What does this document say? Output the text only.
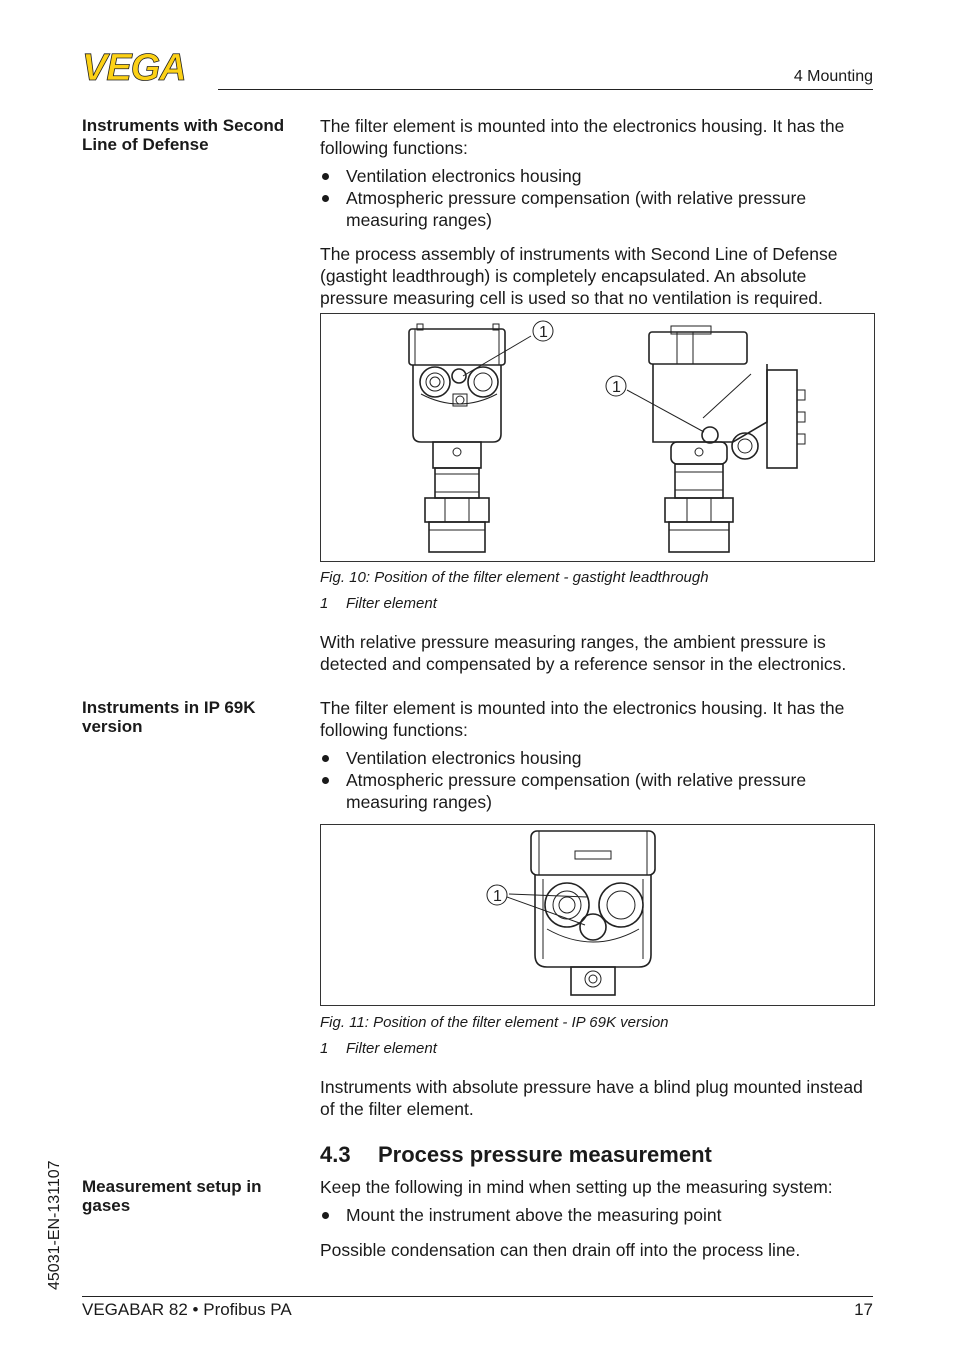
VEGA	4 Mounting
Instruments with Second
Line of Defense
The filter element is mounted into the electronics housing. It has the following functions:
Ventilation electronics housing
Atmospheric pressure compensation (with relative pressure measuring ranges)
The process assembly of instruments with Second Line of Defense (gastight leadthrough) is completely encapsulated. An absolute pressure measuring cell is used so that no ventilation is required.
1
1
Fig. 10: Position of the filter element - gastight leadthrough
1 Filter element
With relative pressure measuring ranges, the ambient pressure is detected and compensated by a reference sensor in the electronics.
Instruments in IP 69K
version
The filter element is mounted into the electronics housing. It has the following functions:
Ventilation electronics housing
Atmospheric pressure compensation (with relative pressure measuring ranges)
1
Fig. 11: Position of the filter element - IP 69K version
1 Filter element
Instruments with absolute pressure have a blind plug mounted instead of the filter element.
4.3 Process pressure measurement
Measurement setup in
gases
Keep the following in mind when setting up the measuring system:
Mount the instrument above the measuring point
Possible condensation can then drain off into the process line.
45031-EN-131107
VEGABAR 82 • Profibus PA	17
